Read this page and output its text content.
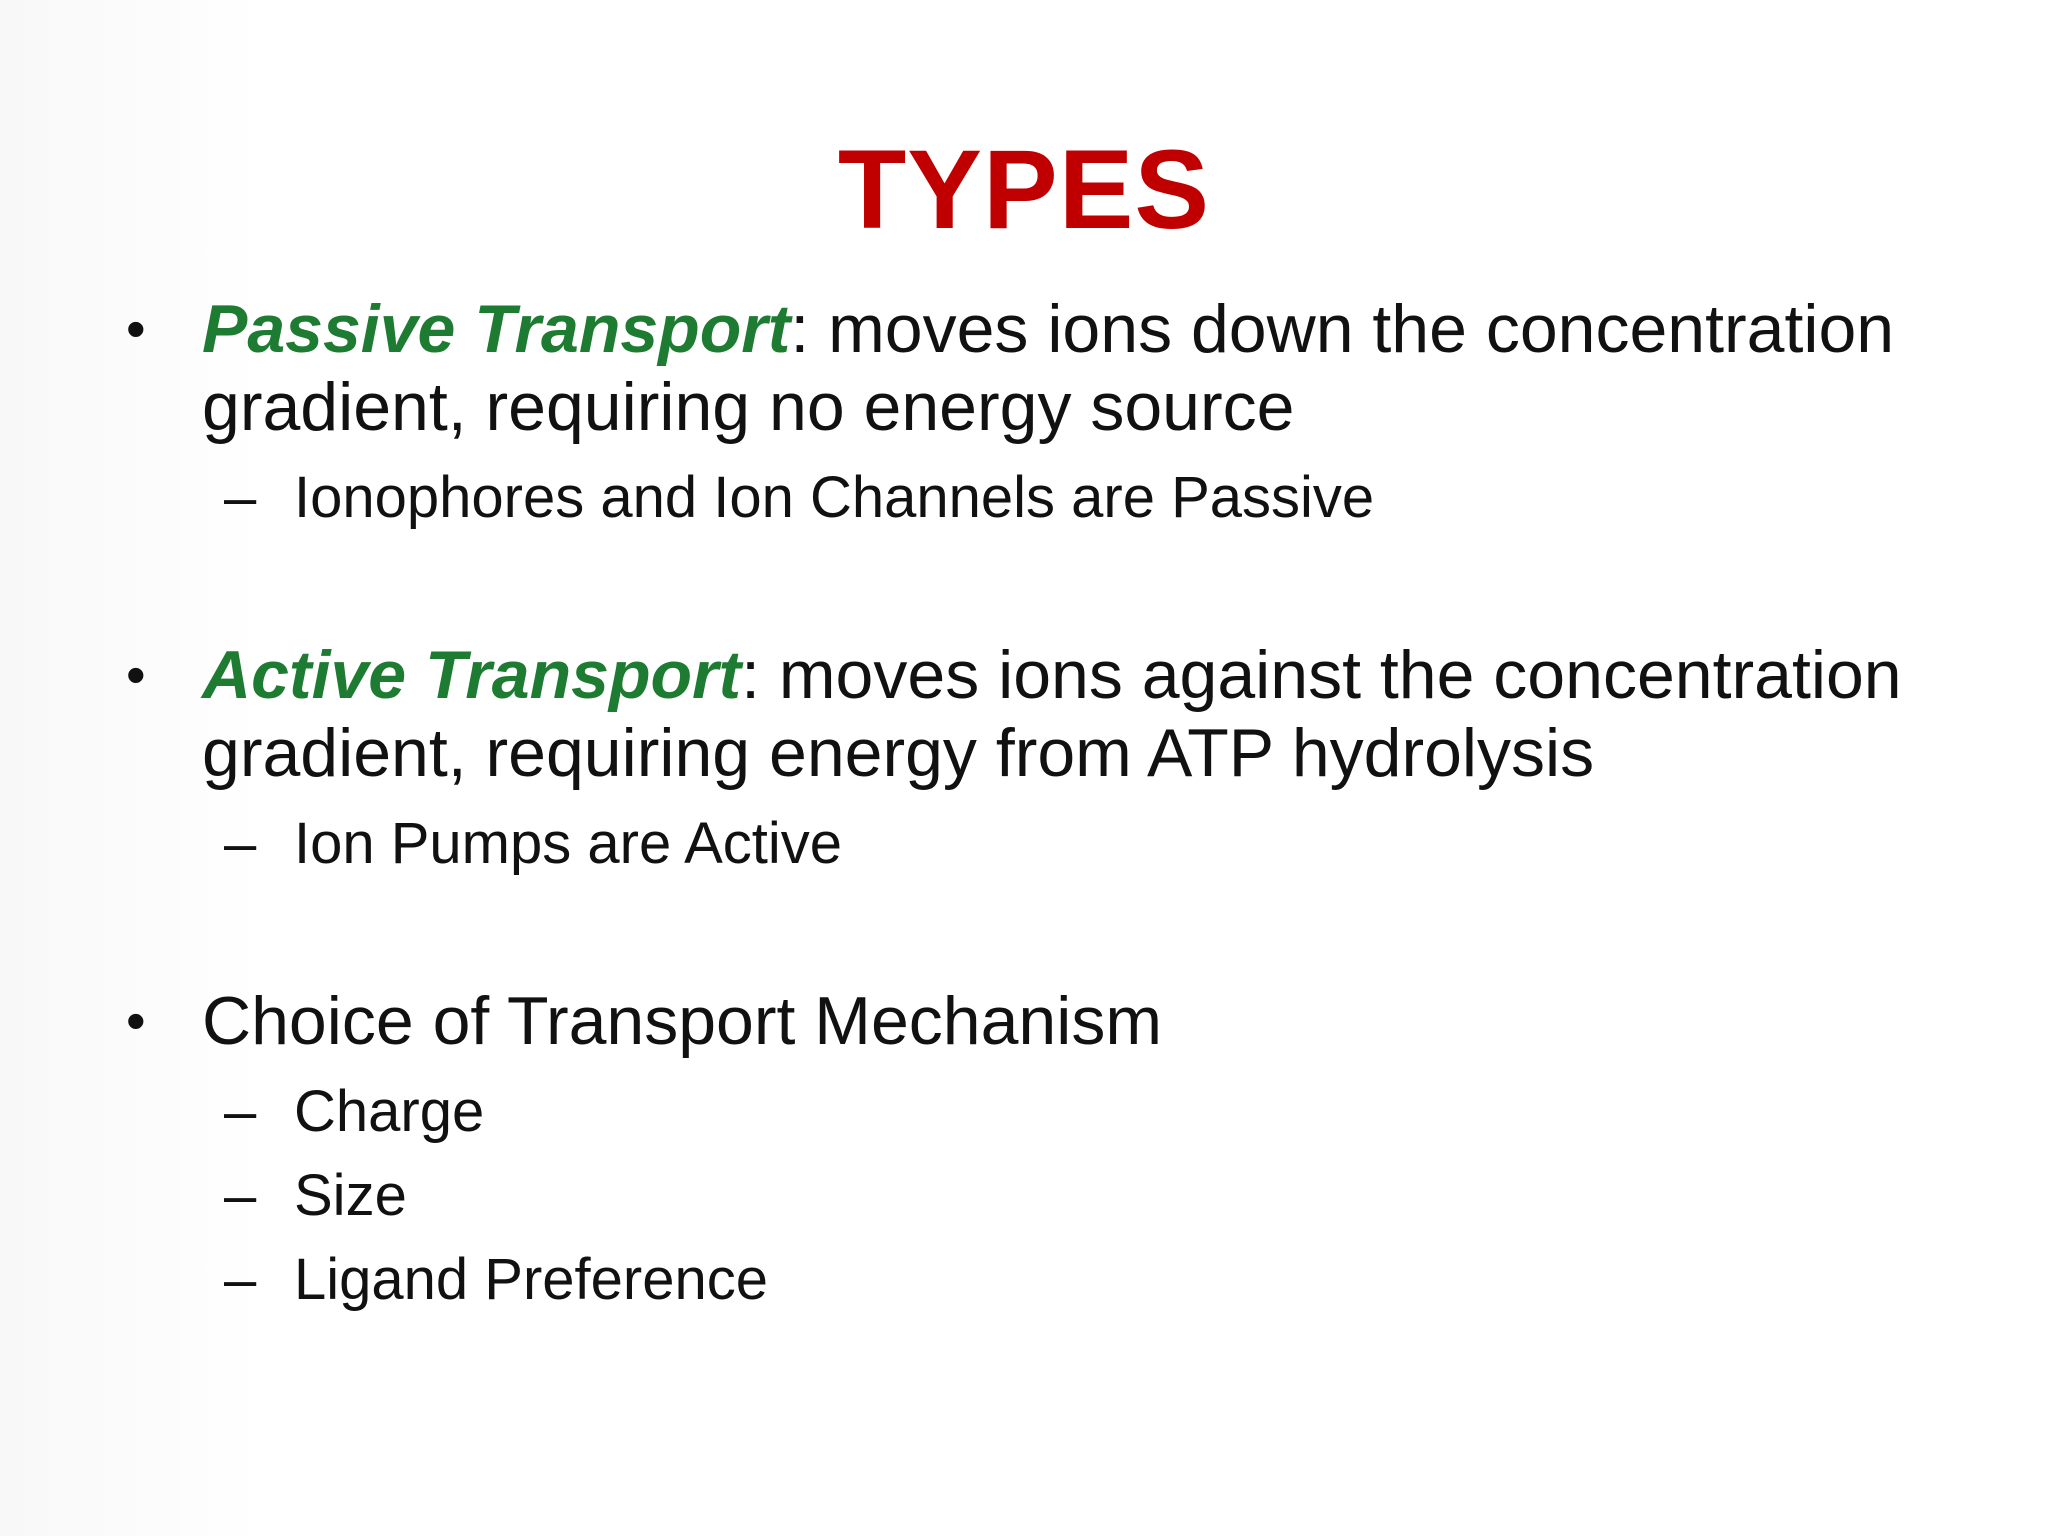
TYPES
• Passive Transport: moves ions down the concentration gradient, requiring no energy source
– Ionophores and Ion Channels are Passive
• Active Transport: moves ions against the concentration gradient, requiring energy from ATP hydrolysis
– Ion Pumps are Active
• Choice of Transport Mechanism
– Charge
– Size
– Ligand Preference
